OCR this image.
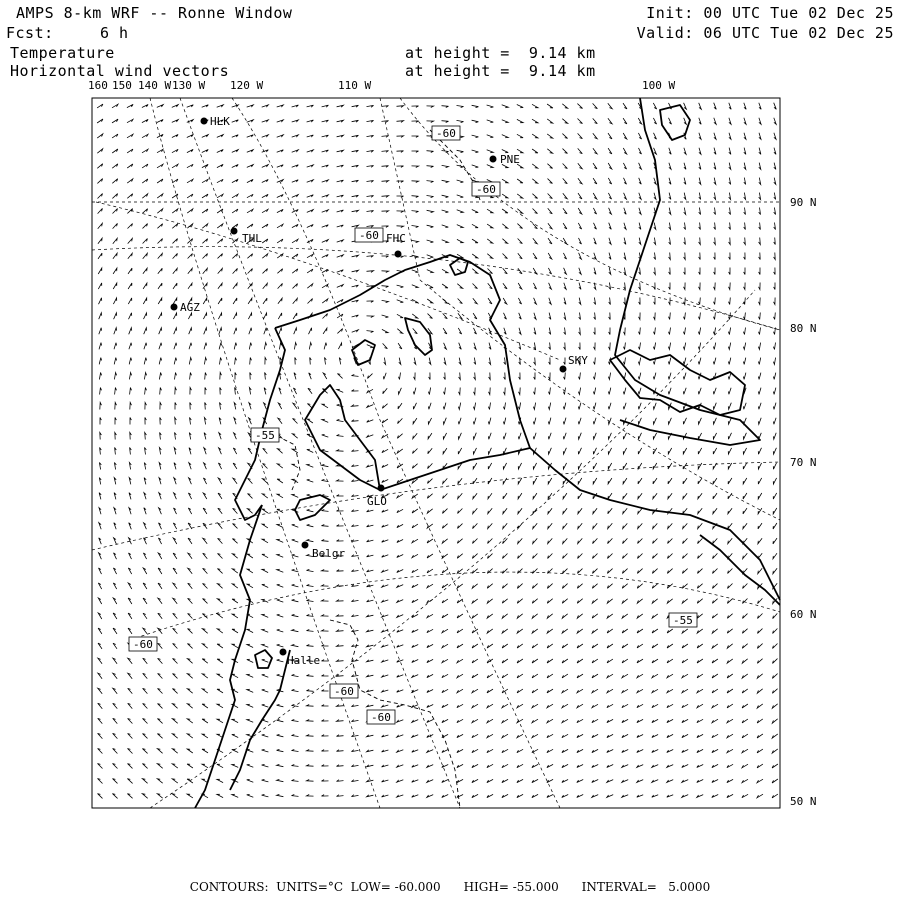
AMPS 8-km WRF -- Ronne Window
Fcst:	6 h
Temperature
Horizontal wind vectors
Init: 00 UTC Tue 02 Dec 25
Valid: 06 UTC Tue 02 Dec 25
at height =  9.14 km
at height =  9.14 km
160 150 140 W 130 W 120 W	110 W	100 W
90 N
80 N
70 N
60 N
50 N
HLK
PNE
THL	FHC
AGZ
SKY
GLO
Belgr
Halle
-60
-60
-60
-55
-60
-60
-60
-55
CONTOURS:  UNITS=°C  LOW= -60.000      HIGH= -55.000      INTERVAL=   5.0000
